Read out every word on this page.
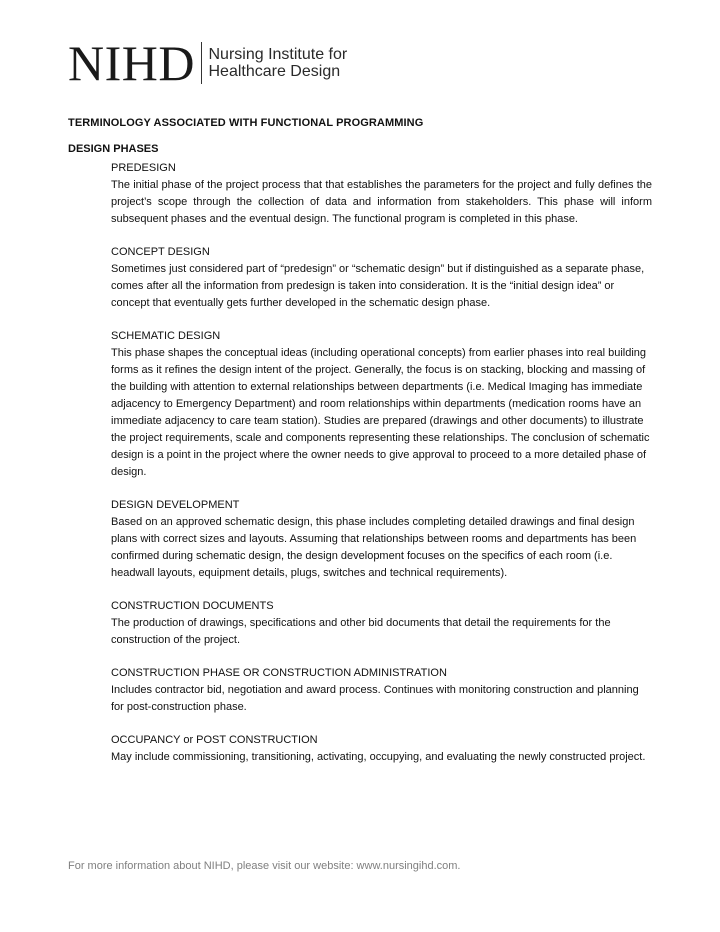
NIHD Nursing Institute for
Healthcare Design
TERMINOLOGY ASSOCIATED WITH FUNCTIONAL PROGRAMMING
DESIGN PHASES
PREDESIGN

The initial phase of the project process that that establishes the parameters for the project and fully defines the project’s scope through the collection of data and information from stakeholders. This phase will inform subsequent phases and the eventual design. The functional program is completed in this phase.

CONCEPT DESIGN

Sometimes just considered part of “predesign” or “schematic design” but if distinguished as a separate phase, comes after all the information from predesign is taken into consideration. It is the “initial design idea” or concept that eventually gets further developed in the schematic design phase.

SCHEMATIC DESIGN

This phase shapes the conceptual ideas (including operational concepts) from earlier phases into real building forms as it refines the design intent of the project. Generally, the focus is on stacking, blocking and massing of the building with attention to external relationships between departments (i.e. Medical Imaging has immediate adjacency to Emergency Department) and room relationships within departments (medication rooms have an immediate adjacency to care team station). Studies are prepared (drawings and other documents) to illustrate the project requirements, scale and components representing these relationships. The conclusion of schematic design is a point in the project where the owner needs to give approval to proceed to a more detailed phase of design.

DESIGN DEVELOPMENT

Based on an approved schematic design, this phase includes completing detailed drawings and final design plans with correct sizes and layouts. Assuming that relationships between rooms and departments has been confirmed during schematic design, the design development focuses on the specifics of each room (i.e. headwall layouts, equipment details, plugs, switches and technical requirements).

CONSTRUCTION DOCUMENTS

The production of drawings, specifications and other bid documents that detail the requirements for the construction of the project.

CONSTRUCTION PHASE OR CONSTRUCTION ADMINISTRATION

Includes contractor bid, negotiation and award process. Continues with monitoring construction and planning for post-construction phase.

OCCUPANCY or POST CONSTRUCTION

May include commissioning, transitioning, activating, occupying, and evaluating the newly constructed project.

For more information about NIHD, please visit our website: www.nursingihd.com.
